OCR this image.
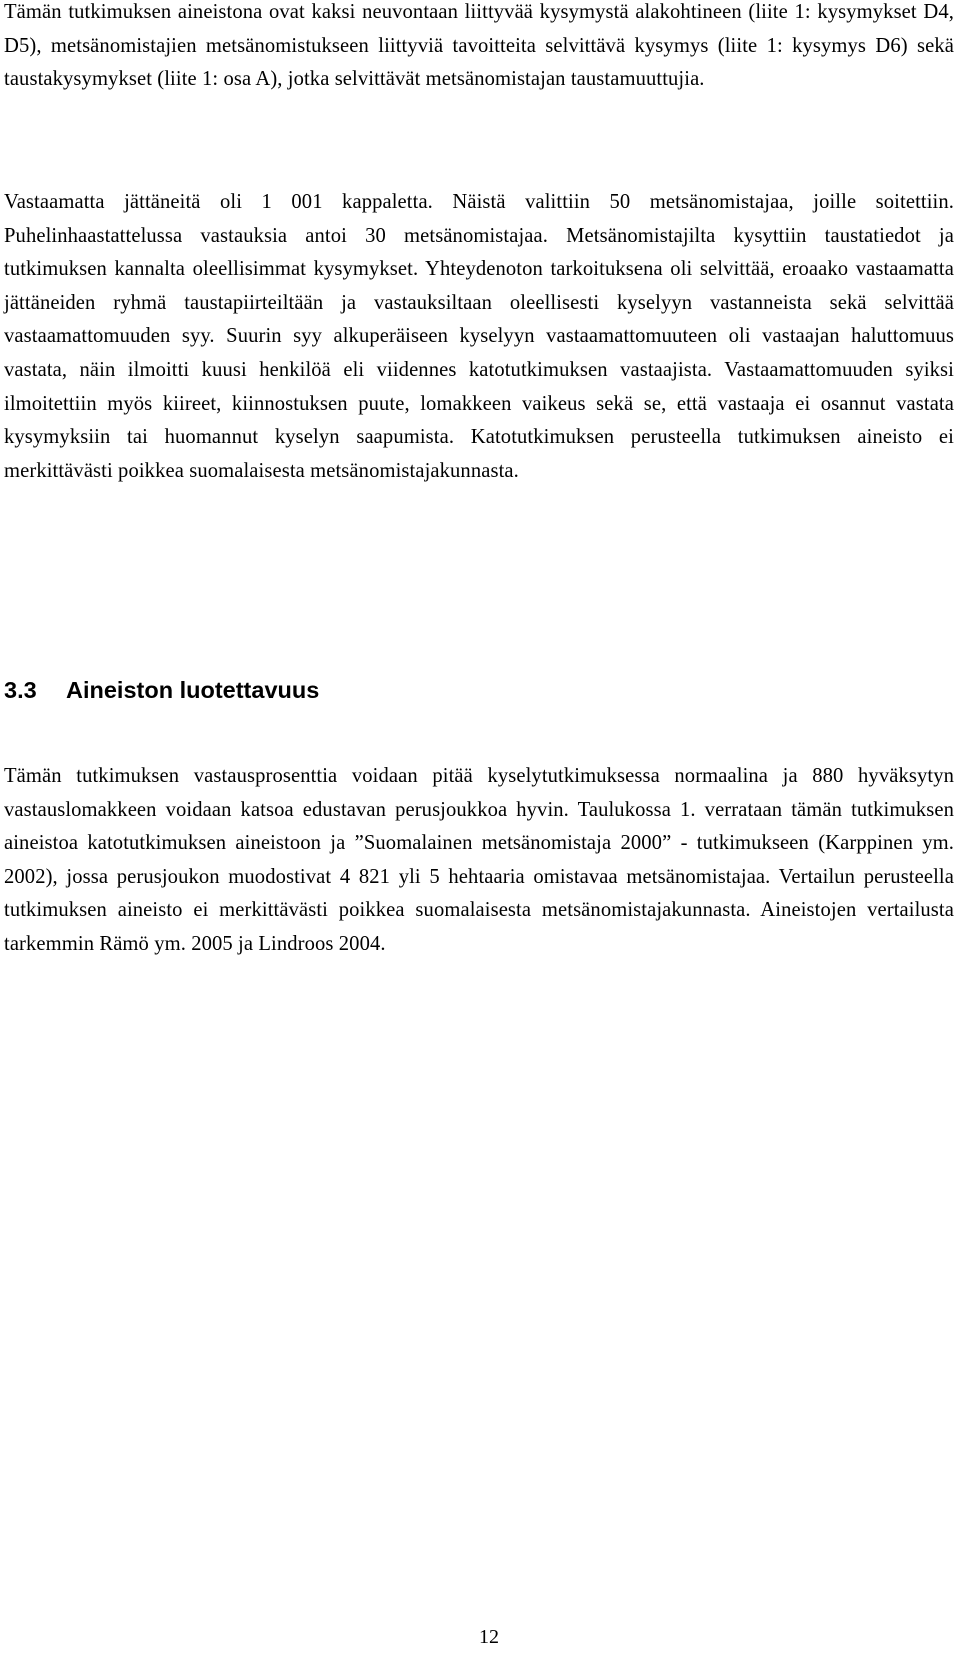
Tämän tutkimuksen aineistona ovat kaksi neuvontaan liittyvää kysymystä alakohtineen (liite 1: kysymykset D4, D5), metsänomistajien metsänomistukseen liittyviä tavoitteita selvittävä kysymys (liite 1: kysymys D6) sekä taustakysymykset (liite 1: osa A), jotka selvittävät metsänomistajan taustamuuttujia.

Vastaamatta jättäneitä oli 1 001 kappaletta. Näistä valittiin 50 metsänomistajaa, joille soitettiin. Puhelinhaastattelussa vastauksia antoi 30 metsänomistajaa. Metsänomistajilta kysyttiin taustatiedot ja tutkimuksen kannalta oleellisimmat kysymykset. Yhteydenoton tarkoituksena oli selvittää, eroaako vastaamatta jättäneiden ryhmä taustapiirteiltään ja vastauksiltaan oleellisesti kyselyyn vastanneista sekä selvittää vastaamattomuuden syy. Suurin syy alkuperäiseen kyselyyn vastaamattomuuteen oli vastaajan haluttomuus vastata, näin ilmoitti kuusi henkilöä eli viidennes katotutkimuksen vastaajista. Vastaamattomuuden syiksi ilmoitettiin myös kiireet, kiinnostuksen puute, lomakkeen vaikeus sekä se, että vastaaja ei osannut vastata kysymyksiin tai huomannut kyselyn saapumista. Katotutkimuksen perusteella tutkimuksen aineisto ei merkittävästi poikkea suomalaisesta metsänomistajakunnasta.

3.3 Aineiston luotettavuus

Tämän tutkimuksen vastausprosenttia voidaan pitää kyselytutkimuksessa normaalina ja 880 hyväksytyn vastauslomakkeen voidaan katsoa edustavan perusjoukkoa hyvin. Taulukossa 1. verrataan tämän tutkimuksen aineistoa katotutkimuksen aineistoon ja ”Suomalainen metsänomistaja 2000” - tutkimukseen (Karppinen ym. 2002), jossa perusjoukon muodostivat 4 821 yli 5 hehtaaria omistavaa metsänomistajaa. Vertailun perusteella tutkimuksen aineisto ei merkittävästi poikkea suomalaisesta metsänomistajakunnasta. Aineistojen vertailusta tarkemmin Rämö ym. 2005 ja Lindroos 2004.

12
